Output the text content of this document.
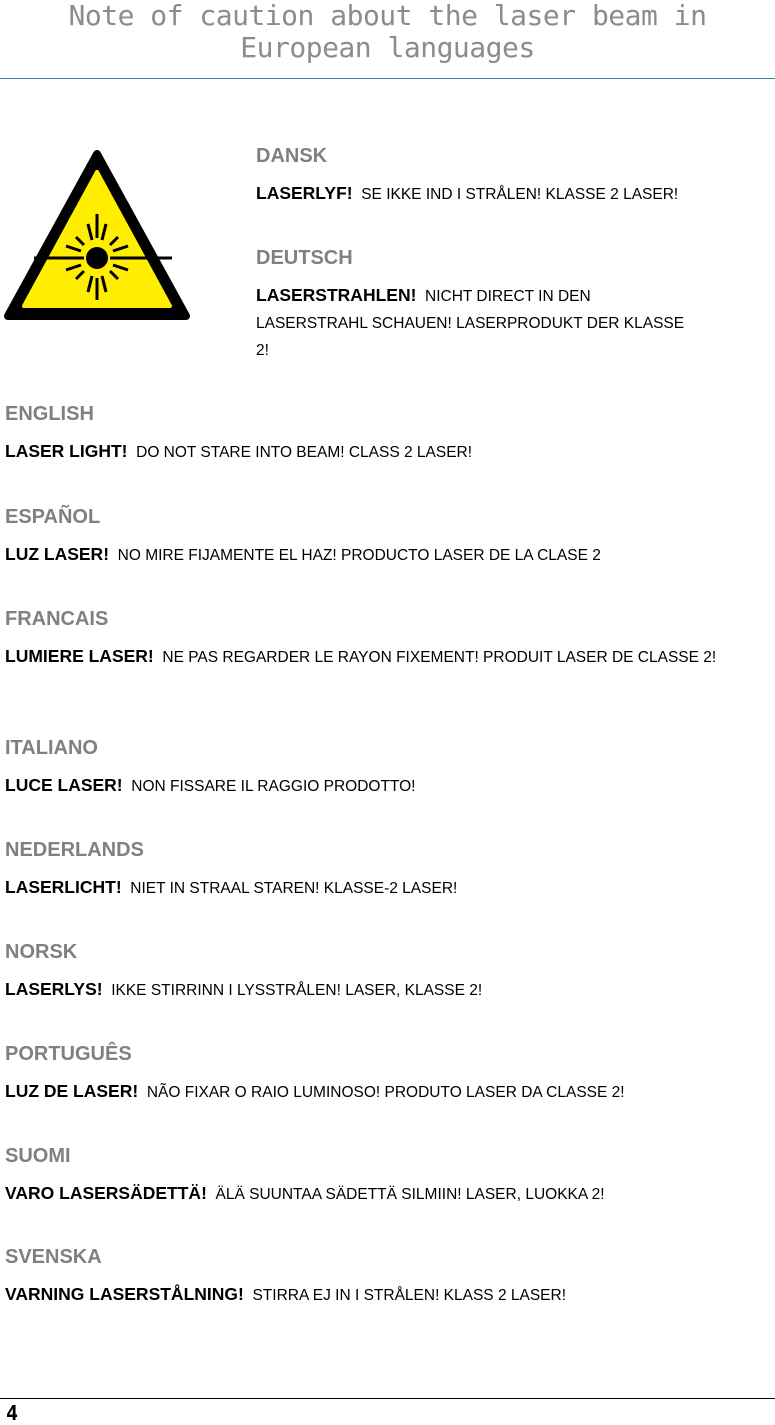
Note of caution about the laser beam in European languages

DANSK

LASERLYF! SE IKKE IND I STRÅLEN! KLASSE 2 LASER!

DEUTSCH

LASERSTRAHLEN! NICHT DIRECT IN DEN LASERSTRAHL SCHAUEN! LASERPRODUKT DER KLASSE 2!

ENGLISH

LASER LIGHT! DO NOT STARE INTO BEAM! CLASS 2 LASER!

ESPAÑOL

LUZ LASER! NO MIRE FIJAMENTE EL HAZ! PRODUCTO LASER DE LA CLASE 2

FRANCAIS

LUMIERE LASER! NE PAS REGARDER LE RAYON FIXEMENT! PRODUIT LASER DE CLASSE 2!

ITALIANO

LUCE LASER! NON FISSARE IL RAGGIO PRODOTTO!

NEDERLANDS

LASERLICHT! NIET IN STRAAL STAREN! KLASSE-2 LASER!

NORSK

LASERLYS! IKKE STIRRINN I LYSSTRÅLEN! LASER, KLASSE 2!

PORTUGUÊS

LUZ DE LASER! NÃO FIXAR O RAIO LUMINOSO! PRODUTO LASER DA CLASSE 2!

SUOMI

VARO LASERSÄDETTÄ! ÄLÄ SUUNTAA SÄDETTÄ SILMIIN! LASER, LUOKKA 2!

SVENSKA

VARNING LASERSTÅLNING! STIRRA EJ IN I STRÅLEN! KLASS 2 LASER!

4
